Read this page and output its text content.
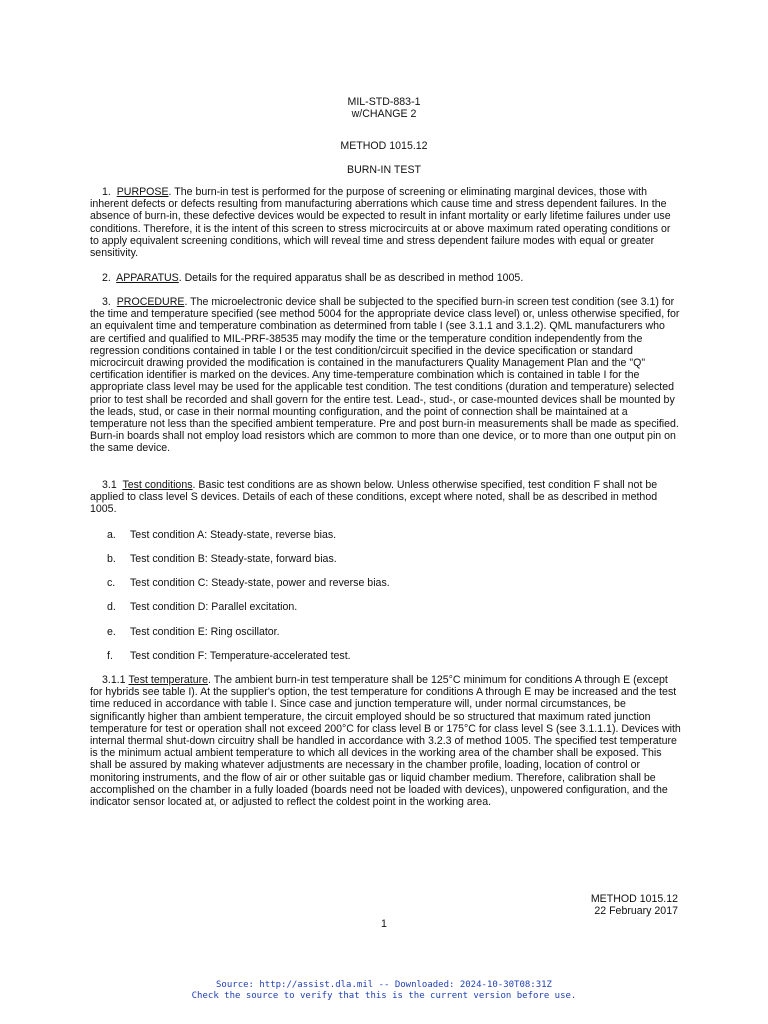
MIL-STD-883-1
w/CHANGE 2
METHOD 1015.12
BURN-IN TEST
1. PURPOSE. The burn-in test is performed for the purpose of screening or eliminating marginal devices, those with inherent defects or defects resulting from manufacturing aberrations which cause time and stress dependent failures. In the absence of burn-in, these defective devices would be expected to result in infant mortality or early lifetime failures under use conditions. Therefore, it is the intent of this screen to stress microcircuits at or above maximum rated operating conditions or to apply equivalent screening conditions, which will reveal time and stress dependent failure modes with equal or greater sensitivity.
2. APPARATUS. Details for the required apparatus shall be as described in method 1005.
3. PROCEDURE. The microelectronic device shall be subjected to the specified burn-in screen test condition (see 3.1) for the time and temperature specified (see method 5004 for the appropriate device class level) or, unless otherwise specified, for an equivalent time and temperature combination as determined from table I (see 3.1.1 and 3.1.2). QML manufacturers who are certified and qualified to MIL-PRF-38535 may modify the time or the temperature condition independently from the regression conditions contained in table I or the test condition/circuit specified in the device specification or standard microcircuit drawing provided the modification is contained in the manufacturers Quality Management Plan and the "Q" certification identifier is marked on the devices. Any time-temperature combination which is contained in table I for the appropriate class level may be used for the applicable test condition. The test conditions (duration and temperature) selected prior to test shall be recorded and shall govern for the entire test. Lead-, stud-, or case-mounted devices shall be mounted by the leads, stud, or case in their normal mounting configuration, and the point of connection shall be maintained at a temperature not less than the specified ambient temperature. Pre and post burn-in measurements shall be made as specified. Burn-in boards shall not employ load resistors which are common to more than one device, or to more than one output pin on the same device.
3.1 Test conditions. Basic test conditions are as shown below. Unless otherwise specified, test condition F shall not be applied to class level S devices. Details of each of these conditions, except where noted, shall be as described in method 1005.
a. Test condition A: Steady-state, reverse bias.
b. Test condition B: Steady-state, forward bias.
c. Test condition C: Steady-state, power and reverse bias.
d. Test condition D: Parallel excitation.
e. Test condition E: Ring oscillator.
f. Test condition F: Temperature-accelerated test.
3.1.1 Test temperature. The ambient burn-in test temperature shall be 125°C minimum for conditions A through E (except for hybrids see table I). At the supplier's option, the test temperature for conditions A through E may be increased and the test time reduced in accordance with table I. Since case and junction temperature will, under normal circumstances, be significantly higher than ambient temperature, the circuit employed should be so structured that maximum rated junction temperature for test or operation shall not exceed 200°C for class level B or 175°C for class level S (see 3.1.1.1). Devices with internal thermal shut-down circuitry shall be handled in accordance with 3.2.3 of method 1005. The specified test temperature is the minimum actual ambient temperature to which all devices in the working area of the chamber shall be exposed. This shall be assured by making whatever adjustments are necessary in the chamber profile, loading, location of control or monitoring instruments, and the flow of air or other suitable gas or liquid chamber medium. Therefore, calibration shall be accomplished on the chamber in a fully loaded (boards need not be loaded with devices), unpowered configuration, and the indicator sensor located at, or adjusted to reflect the coldest point in the working area.
METHOD 1015.12
22 February 2017
1
Source: http://assist.dla.mil -- Downloaded: 2024-10-30T08:31Z
Check the source to verify that this is the current version before use.
